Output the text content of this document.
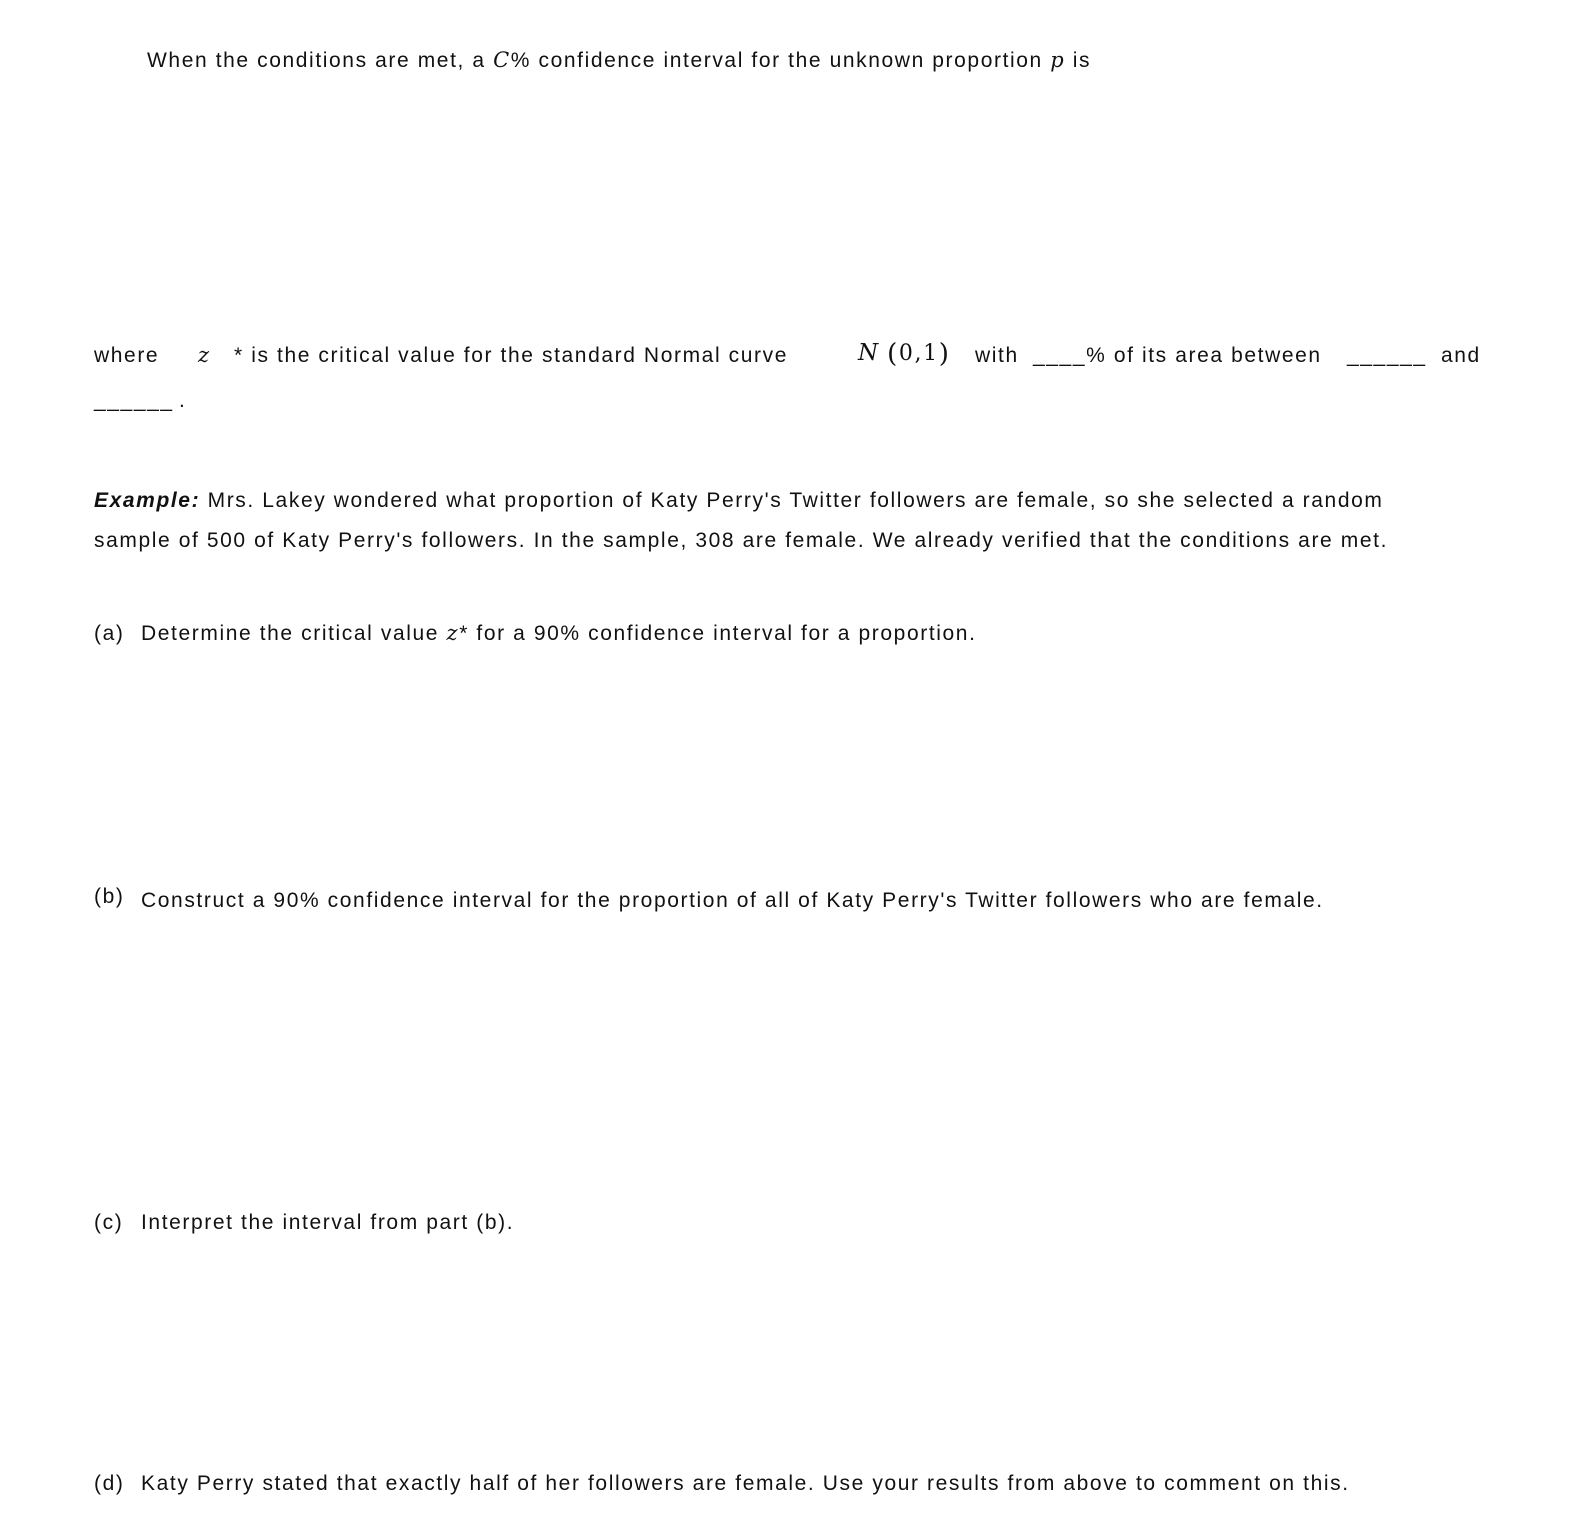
When the conditions are met, a C% confidence interval for the unknown proportion p is
where z * is the critical value for the standard Normal curve	N (0,1) with ____% of its area between ______ and
______ .
Example: Mrs. Lakey wondered what proportion of Katy Perry's Twitter followers are female, so she selected a random
sample of 500 of Katy Perry's followers. In the sample, 308 are female. We already verified that the conditions are met.
(a) Determine the critical value z* for a 90% confidence interval for a proportion.
(b) Construct a 90% confidence interval for the proportion of all of Katy Perry's Twitter followers who are female.
(c) Interpret the interval from part (b).
(d) Katy Perry stated that exactly half of her followers are female. Use your results from above to comment on this.
